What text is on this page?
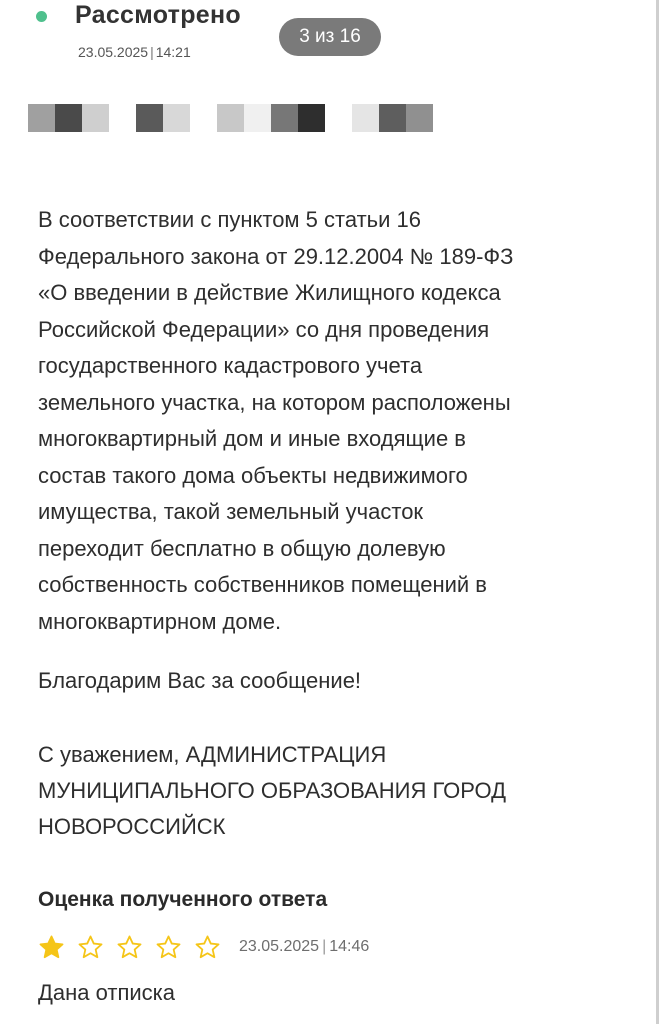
Рассмотрено
23.05.2025 | 14:21
3 из 16

В соответствии с пунктом 5 статьи 16
Федерального закона от 29.12.2004 № 189-ФЗ
«О введении в действие Жилищного кодекса
Российской Федерации» со дня проведения
государственного кадастрового учета
земельного участка, на котором расположены
многоквартирный дом и иные входящие в
состав такого дома объекты недвижимого
имущества, такой земельный участок
переходит бесплатно в общую долевую
собственность собственников помещений в
многоквартирном доме.

Благодарим Вас за сообщение!
С уважением, АДМИНИСТРАЦИЯ
МУНИЦИПАЛЬНОГО ОБРАЗОВАНИЯ ГОРОД
НОВОРОССИЙСК
Оценка полученного ответа
23.05.2025 | 14:46
Дана отписка
